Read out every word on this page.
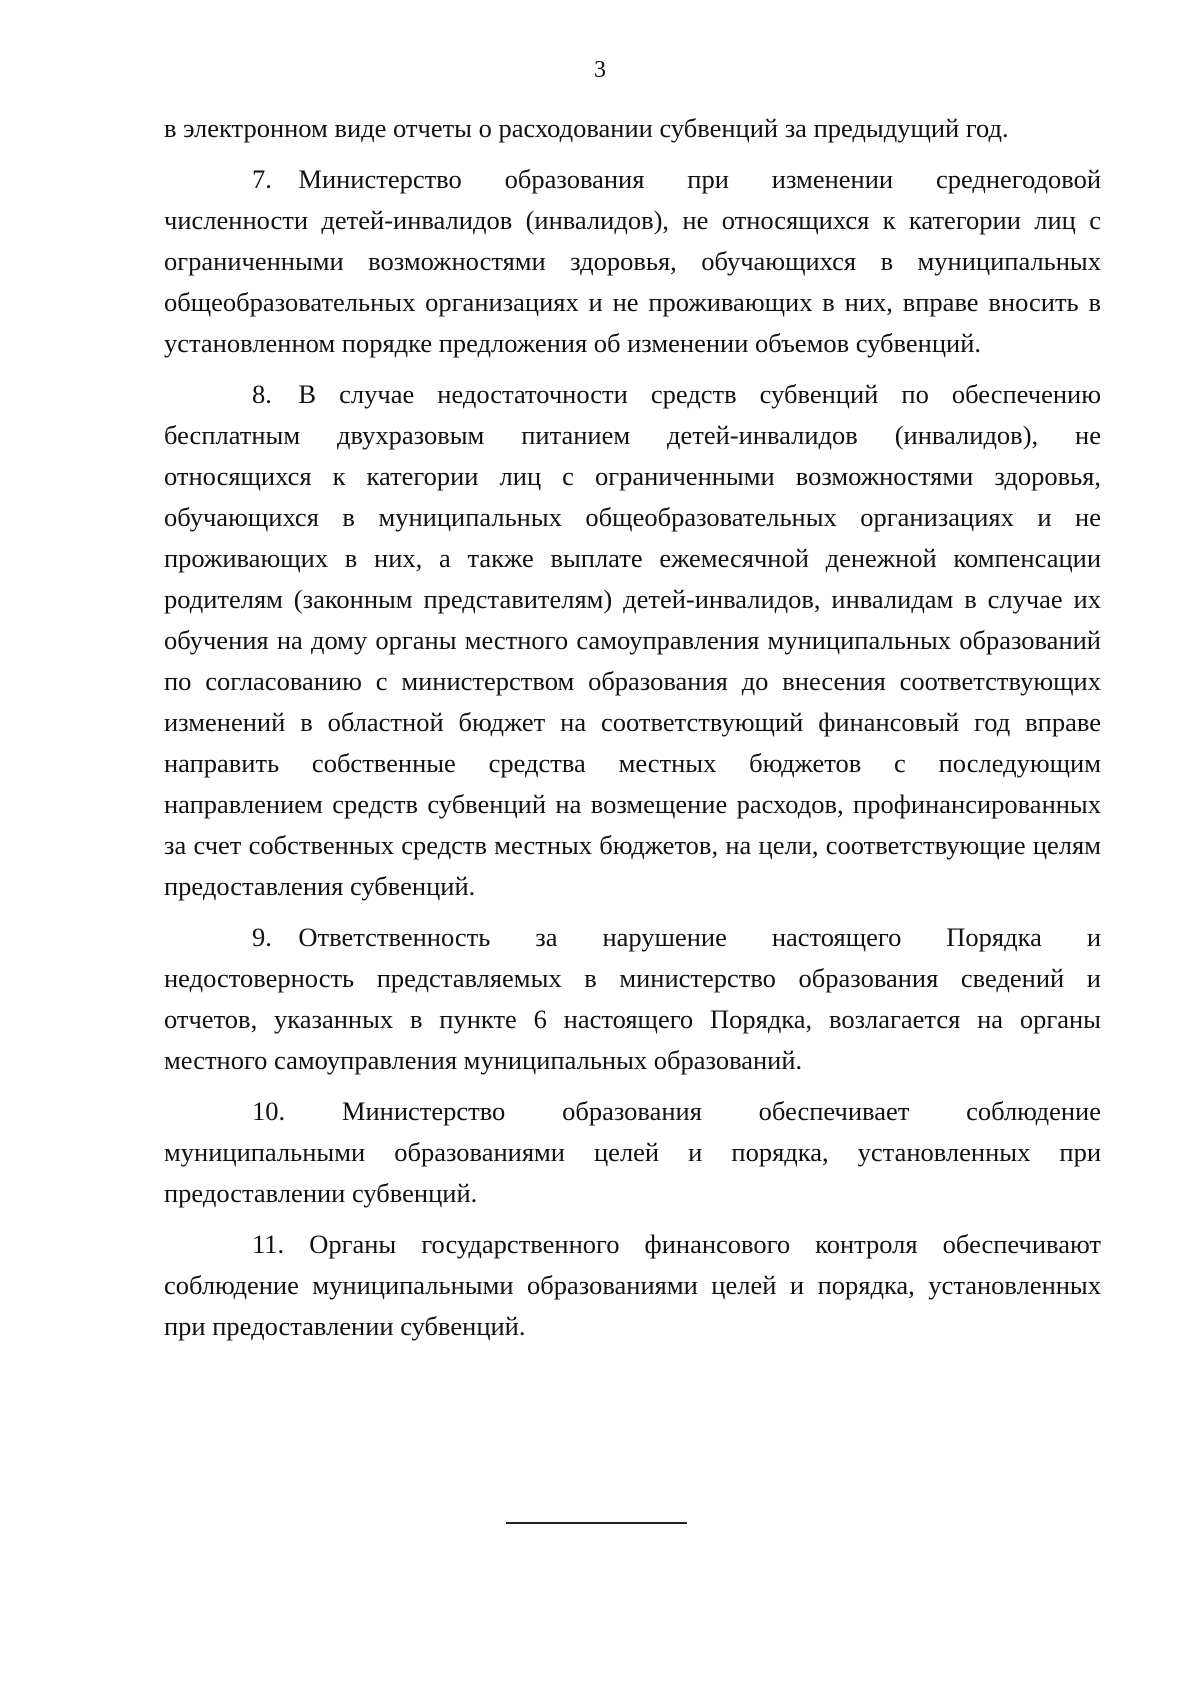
3

в электронном виде отчеты о расходовании субвенций за предыдущий год.

7. Министерство образования при изменении среднегодовой численности детей-инвалидов (инвалидов), не относящихся к категории лиц с ограниченными возможностями здоровья, обучающихся в муниципальных общеобразовательных организациях и не проживающих в них, вправе вносить в установленном порядке предложения об изменении объемов субвенций.

8. В случае недостаточности средств субвенций по обеспечению бесплатным двухразовым питанием детей-инвалидов (инвалидов), не относящихся к категории лиц с ограниченными возможностями здоровья, обучающихся в муниципальных общеобразовательных организациях и не проживающих в них, а также выплате ежемесячной денежной компенсации родителям (законным представителям) детей-инвалидов, инвалидам в случае их обучения на дому органы местного самоуправления муниципальных образований по согласованию с министерством образования до внесения соответствующих изменений в областной бюджет на соответствующий финансовый год вправе направить собственные средства местных бюджетов с последующим направлением средств субвенций на возмещение расходов, профинансированных за счет собственных средств местных бюджетов, на цели, соответствующие целям предоставления субвенций.

9. Ответственность за нарушение настоящего Порядка и недостоверность представляемых в министерство образования сведений и отчетов, указанных в пункте 6 настоящего Порядка, возлагается на органы местного самоуправления муниципальных образований.

10. Министерство образования обеспечивает соблюдение муниципальными образованиями целей и порядка, установленных при предоставлении субвенций.

11. Органы государственного финансового контроля обеспечивают соблюдение муниципальными образованиями целей и порядка, установленных при предоставлении субвенций.
